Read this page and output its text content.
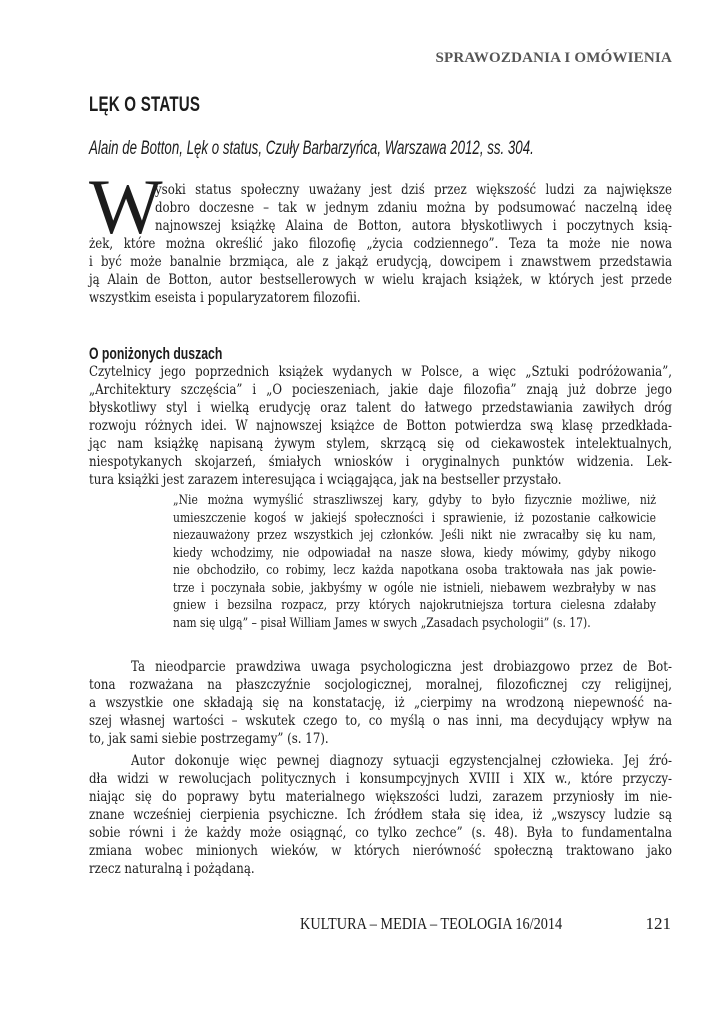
SPRAWOZDANIA I OMÓWIENIA
LĘK O STATUS
Alain de Botton, Lęk o status, Czuły Barbarzyńca, Warszawa 2012, ss. 304.
W
ysoki status społeczny uważany jest dziś przez większość ludzi za największe
dobro doczesne – tak w jednym zdaniu można by podsumować naczelną ideę
najnowszej książkę Alaina de Botton, autora błyskotliwych i poczytnych ksią-
żek, które można określić jako filozofię „życia codziennego”. Teza ta może nie nowa
i być może banalnie brzmiąca, ale z jakąż erudycją, dowcipem i znawstwem przedstawia
ją Alain de Botton, autor bestsellerowych w wielu krajach książek, w których jest przede
wszystkim eseista i popularyzatorem filozofii.
O poniżonych duszach
Czytelnicy jego poprzednich książek wydanych w Polsce, a więc „Sztuki podróżowania”,
„Architektury szczęścia” i „O pocieszeniach, jakie daje filozofia” znają już dobrze jego
błyskotliwy styl i wielką erudycję oraz talent do łatwego przedstawiania zawiłych dróg
rozwoju różnych idei. W najnowszej książce de Botton potwierdza swą klasę przedkłada-
jąc nam książkę napisaną żywym stylem, skrzącą się od ciekawostek intelektualnych,
niespotykanych skojarzeń, śmiałych wniosków i oryginalnych punktów widzenia. Lek-
tura książki jest zarazem interesująca i wciągająca, jak na bestseller przystało.
„Nie można wymyślić straszliwszej kary, gdyby to było fizycznie możliwe, niż
umieszczenie kogoś w jakiejś społeczności i sprawienie, iż pozostanie całkowicie
niezauważony przez wszystkich jej członków. Jeśli nikt nie zwracałby się ku nam,
kiedy wchodzimy, nie odpowiadał na nasze słowa, kiedy mówimy, gdyby nikogo
nie obchodziło, co robimy, lecz każda napotkana osoba traktowała nas jak powie-
trze i poczynała sobie, jakbyśmy w ogóle nie istnieli, niebawem wezbrałyby w nas
gniew i bezsilna rozpacz, przy których najokrutniejsza tortura cielesna zdałaby
nam się ulgą” – pisał William James w swych „Zasadach psychologii” (s. 17).
Ta nieodparcie prawdziwa uwaga psychologiczna jest drobiazgowo przez de Bot-
tona rozważana na płaszczyźnie socjologicznej, moralnej, filozoficznej czy religijnej,
a wszystkie one składają się na konstatację, iż „cierpimy na wrodzoną niepewność na-
szej własnej wartości – wskutek czego to, co myślą o nas inni, ma decydujący wpływ na
to, jak sami siebie postrzegamy” (s. 17).
Autor dokonuje więc pewnej diagnozy sytuacji egzystencjalnej człowieka. Jej źró-
dła widzi w rewolucjach politycznych i konsumpcyjnych XVIII i XIX w., które przyczy-
niając się do poprawy bytu materialnego większości ludzi, zarazem przyniosły im nie-
znane wcześniej cierpienia psychiczne. Ich źródłem stała się idea, iż „wszyscy ludzie są
sobie równi i że każdy może osiągnąć, co tylko zechce” (s. 48). Była to fundamentalna
zmiana wobec minionych wieków, w których nierówność społeczną traktowano jako
rzecz naturalną i pożądaną.
KULTURA – MEDIA – TEOLOGIA 16/2014	121
